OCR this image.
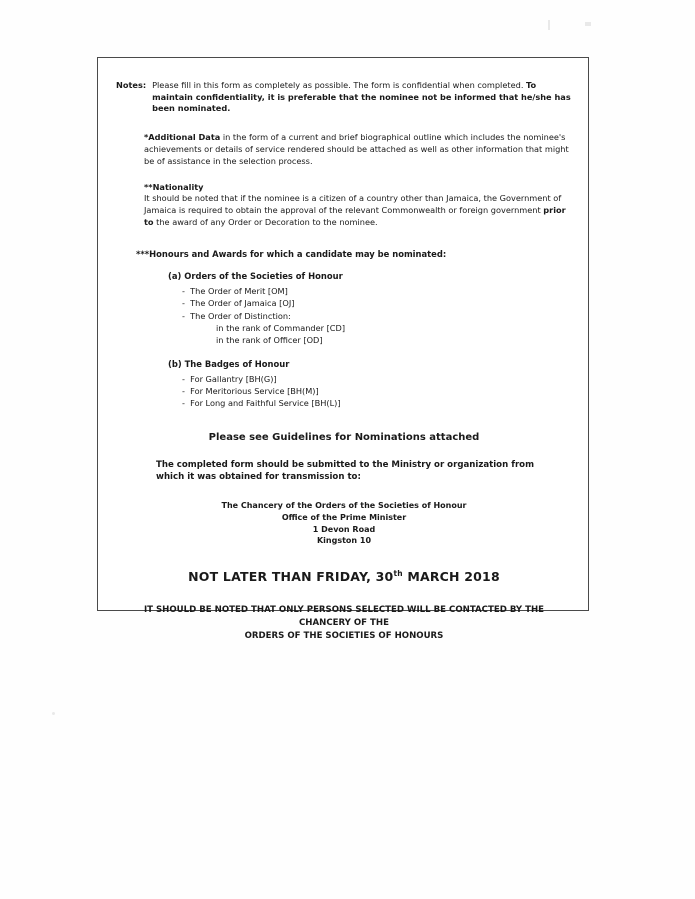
Notes: Please fill in this form as completely as possible. The form is confidential when completed. To maintain confidentiality, it is preferable that the nominee not be informed that he/she has been nominated.
*Additional Data in the form of a current and brief biographical outline which includes the nominee's achievements or details of service rendered should be attached as well as other information that might be of assistance in the selection process.
**Nationality
It should be noted that if the nominee is a citizen of a country other than Jamaica, the Government of Jamaica is required to obtain the approval of the relevant Commonwealth or foreign government prior to the award of any Order or Decoration to the nominee.
***Honours and Awards for which a candidate may be nominated:
(a) Orders of the Societies of Honour
-  The Order of Merit [OM]
-  The Order of Jamaica [OJ]
-  The Order of Distinction:
in the rank of Commander [CD]
in the rank of Officer [OD]
(b) The Badges of Honour
-  For Gallantry [BH(G)]
-  For Meritorious Service [BH(M)]
-  For Long and Faithful Service [BH(L)]
Please see Guidelines for Nominations attached
The completed form should be submitted to the Ministry or organization from which it was obtained for transmission to:
The Chancery of the Orders of the Societies of Honour
Office of the Prime Minister
1 Devon Road
Kingston 10
NOT LATER THAN FRIDAY, 30th MARCH 2018
IT SHOULD BE NOTED THAT ONLY PERSONS SELECTED WILL BE CONTACTED BY THE CHANCERY OF THE
ORDERS OF THE SOCIETIES OF HONOURS
